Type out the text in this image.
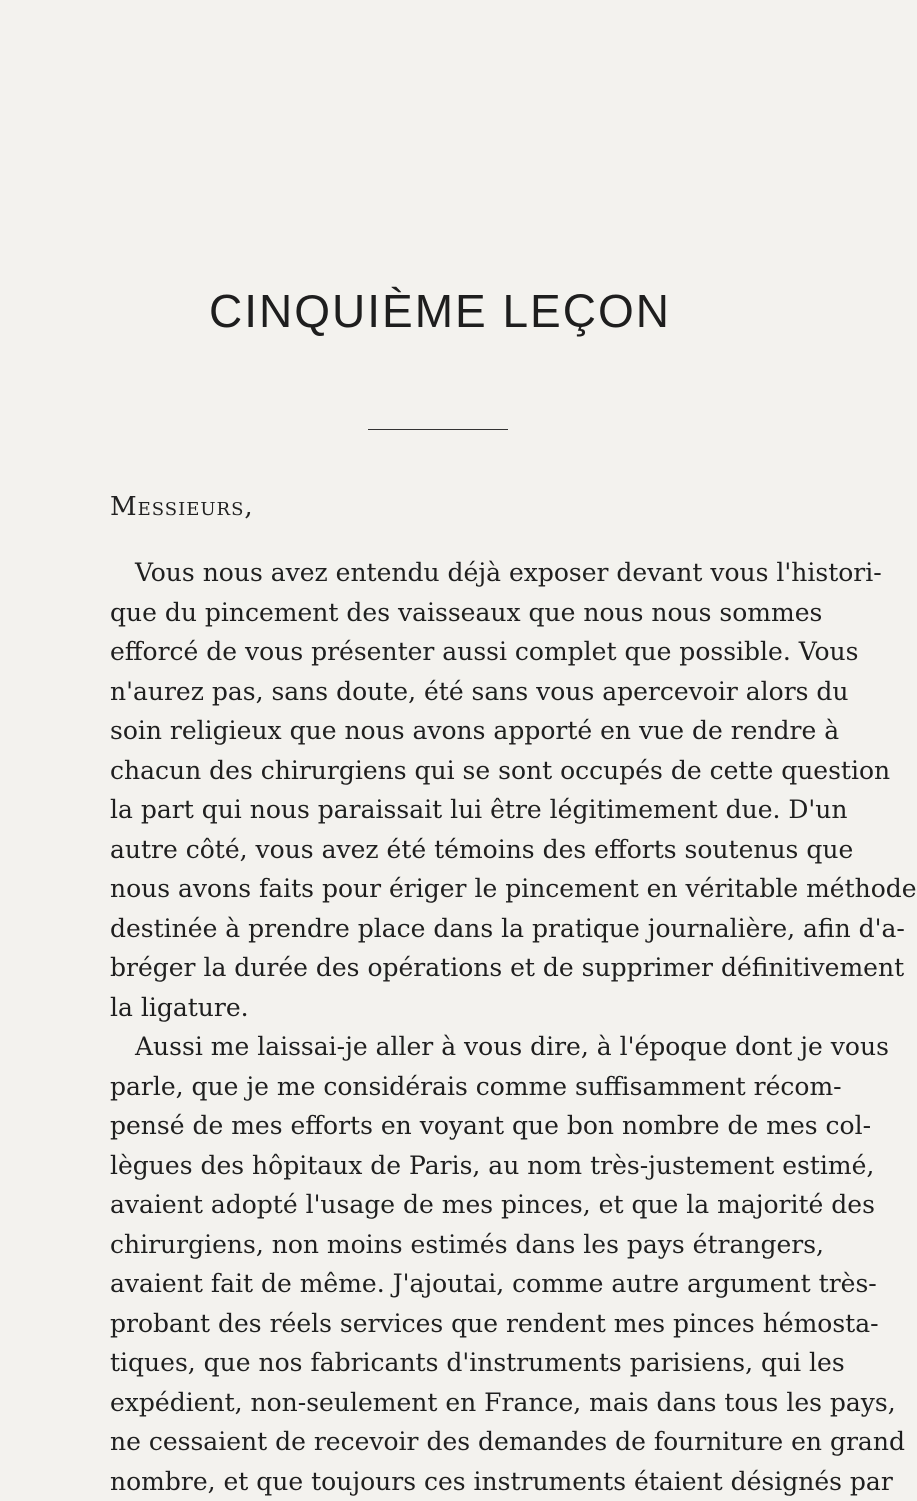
CINQUIÈME LEÇON
Messieurs,
Vous nous avez entendu déjà exposer devant vous l'histori-
que du pincement des vaisseaux que nous nous sommes
efforcé de vous présenter aussi complet que possible. Vous
n'aurez pas, sans doute, été sans vous apercevoir alors du
soin religieux que nous avons apporté en vue de rendre à
chacun des chirurgiens qui se sont occupés de cette question
la part qui nous paraissait lui être légitimement due. D'un
autre côté, vous avez été témoins des efforts soutenus que
nous avons faits pour ériger le pincement en véritable méthode
destinée à prendre place dans la pratique journalière, afin d'a-
bréger la durée des opérations et de supprimer définitivement
la ligature.
Aussi me laissai-je aller à vous dire, à l'époque dont je vous
parle, que je me considérais comme suffisamment récom-
pensé de mes efforts en voyant que bon nombre de mes col-
lègues des hôpitaux de Paris, au nom très-justement estimé,
avaient adopté l'usage de mes pinces, et que la majorité des
chirurgiens, non moins estimés dans les pays étrangers,
avaient fait de même. J'ajoutai, comme autre argument très-
probant des réels services que rendent mes pinces hémosta-
tiques, que nos fabricants d'instruments parisiens, qui les
expédient, non-seulement en France, mais dans tous les pays,
ne cessaient de recevoir des demandes de fourniture en grand
nombre, et que toujours ces instruments étaient désignés par
